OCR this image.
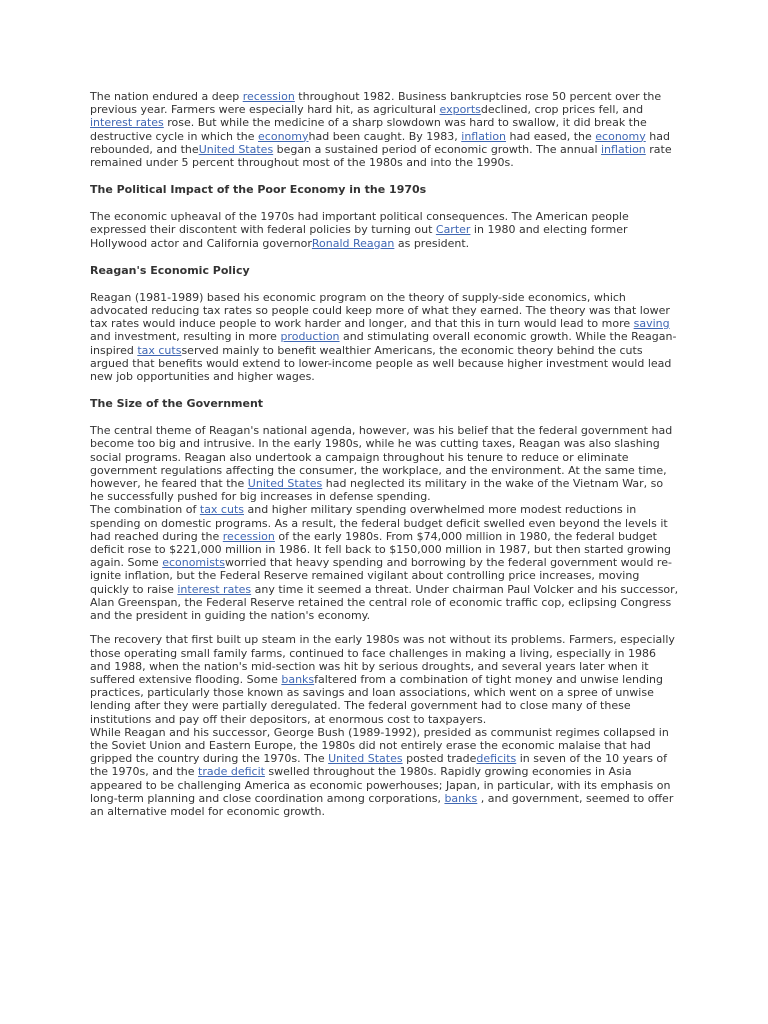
The nation endured a deep recession throughout 1982. Business bankruptcies rose 50 percent over the previous year. Farmers were especially hard hit, as agricultural exportsdeclined, crop prices fell, and interest rates rose. But while the medicine of a sharp slowdown was hard to swallow, it did break the destructive cycle in which the economyhad been caught. By 1983, inflation had eased, the economy had rebounded, and theUnited States began a sustained period of economic growth. The annual inflation rate remained under 5 percent throughout most of the 1980s and into the 1990s.

The Political Impact of the Poor Economy in the 1970s

The economic upheaval of the 1970s had important political consequences. The American people expressed their discontent with federal policies by turning out Carter in 1980 and electing former Hollywood actor and California governorRonald Reagan as president.

Reagan's Economic Policy

Reagan (1981-1989) based his economic program on the theory of supply-side economics, which advocated reducing tax rates so people could keep more of what they earned. The theory was that lower tax rates would induce people to work harder and longer, and that this in turn would lead to more saving and investment, resulting in more production and stimulating overall economic growth. While the Reagan-inspired tax cutsserved mainly to benefit wealthier Americans, the economic theory behind the cuts argued that benefits would extend to lower-income people as well because higher investment would lead new job opportunities and higher wages.

The Size of the Government

The central theme of Reagan's national agenda, however, was his belief that the federal government had become too big and intrusive. In the early 1980s, while he was cutting taxes, Reagan was also slashing social programs. Reagan also undertook a campaign throughout his tenure to reduce or eliminate government regulations affecting the consumer, the workplace, and the environment. At the same time, however, he feared that the United States had neglected its military in the wake of the Vietnam War, so he successfully pushed for big increases in defense spending.

The combination of tax cuts and higher military spending overwhelmed more modest reductions in spending on domestic programs. As a result, the federal budget deficit swelled even beyond the levels it had reached during the recession of the early 1980s. From $74,000 million in 1980, the federal budget deficit rose to $221,000 million in 1986. It fell back to $150,000 million in 1987, but then started growing again. Some economistsworried that heavy spending and borrowing by the federal government would re-ignite inflation, but the Federal Reserve remained vigilant about controlling price increases, moving quickly to raise interest rates any time it seemed a threat. Under chairman Paul Volcker and his successor, Alan Greenspan, the Federal Reserve retained the central role of economic traffic cop, eclipsing Congress and the president in guiding the nation's economy.

The recovery that first built up steam in the early 1980s was not without its problems. Farmers, especially those operating small family farms, continued to face challenges in making a living, especially in 1986 and 1988, when the nation's mid-section was hit by serious droughts, and several years later when it suffered extensive flooding. Some banksfaltered from a combination of tight money and unwise lending practices, particularly those known as savings and loan associations, which went on a spree of unwise lending after they were partially deregulated. The federal government had to close many of these institutions and pay off their depositors, at enormous cost to taxpayers.

While Reagan and his successor, George Bush (1989-1992), presided as communist regimes collapsed in the Soviet Union and Eastern Europe, the 1980s did not entirely erase the economic malaise that had gripped the country during the 1970s. The United States posted tradedeficits in seven of the 10 years of the 1970s, and the trade deficit swelled throughout the 1980s. Rapidly growing economies in Asia appeared to be challenging America as economic powerhouses; Japan, in particular, with its emphasis on long-term planning and close coordination among corporations, banks , and government, seemed to offer an alternative model for economic growth.
